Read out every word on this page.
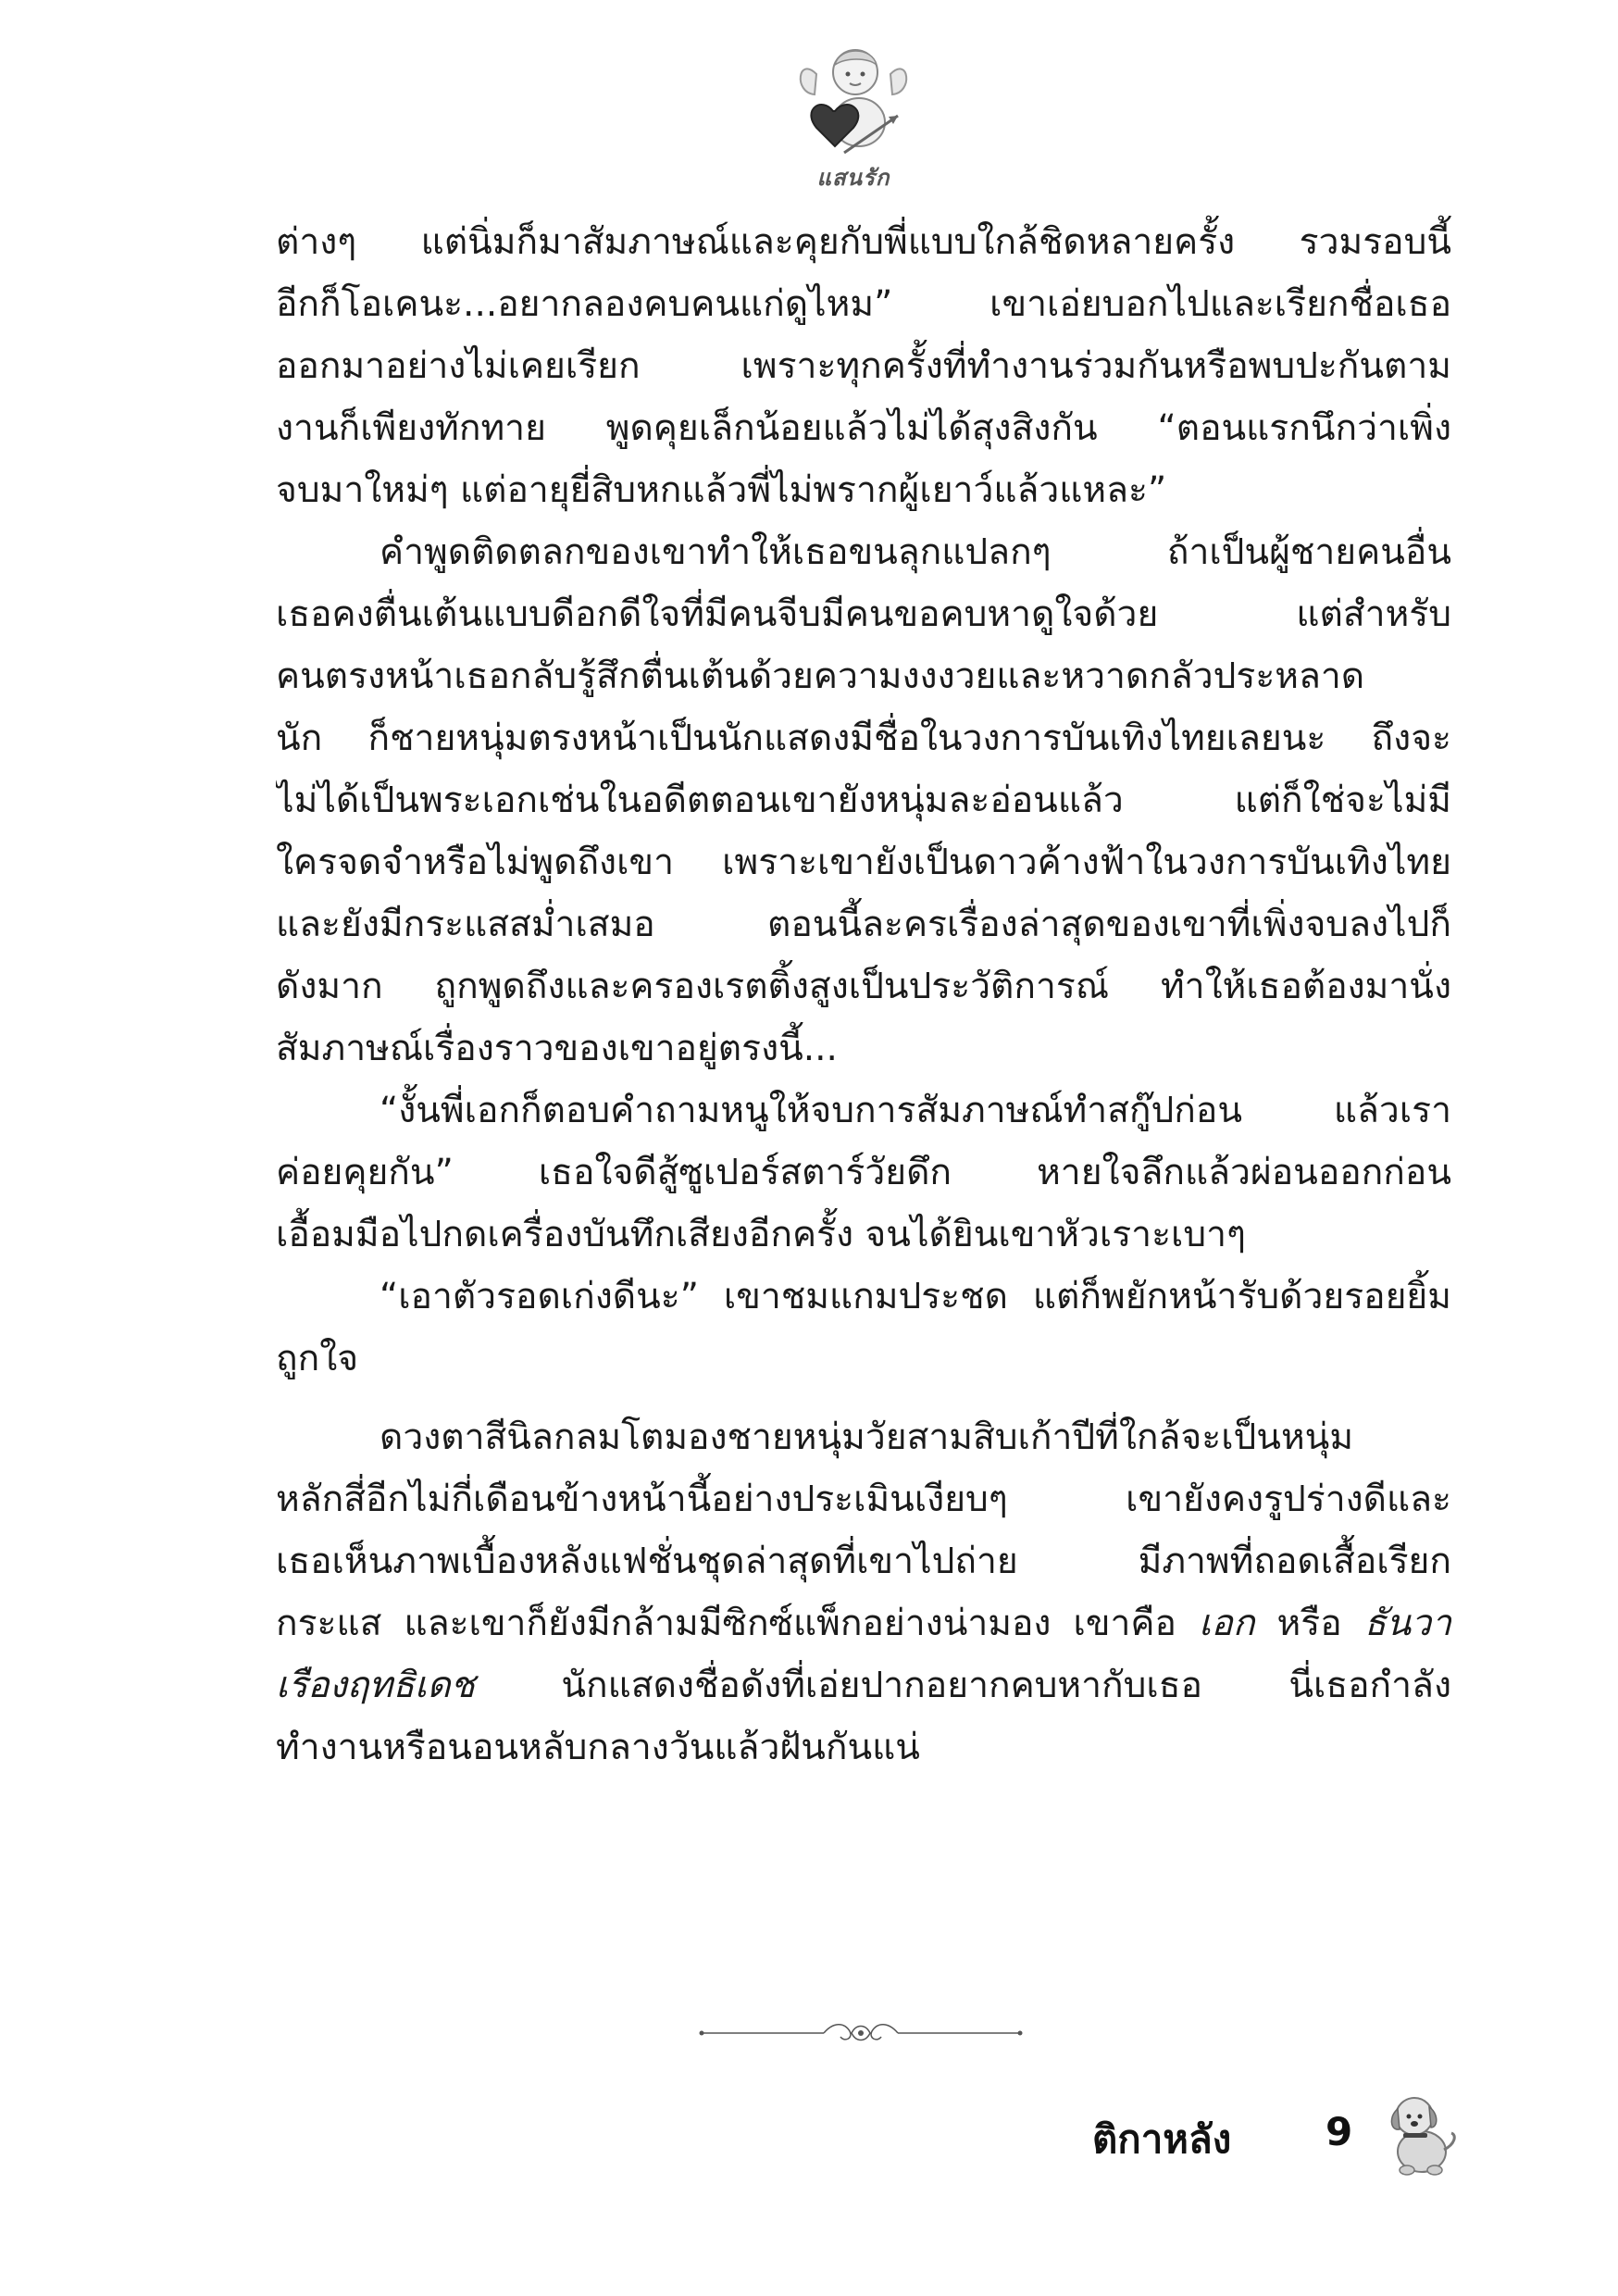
แสนรัก
ต่างๆ แต่นิ่มก็มาสัมภาษณ์และคุยกับพี่แบบใกล้ชิดหลายครั้ง รวมรอบนี้
อีกก็โอเคนะ...อยากลองคบคนแก่ดูไหม” เขาเอ่ยบอกไปและเรียกชื่อเธอ
ออกมาอย่างไม่เคยเรียก เพราะทุกครั้งที่ทำงานร่วมกันหรือพบปะกันตาม
งานก็เพียงทักทาย พูดคุยเล็กน้อยแล้วไม่ได้สุงสิงกัน “ตอนแรกนึกว่าเพิ่ง
จบมาใหม่ๆ แต่อายุยี่สิบหกแล้วพี่ไม่พรากผู้เยาว์แล้วแหละ”
คำพูดติดตลกของเขาทำให้เธอขนลุกแปลกๆ ถ้าเป็นผู้ชายคนอื่น
เธอคงตื่นเต้นแบบดีอกดีใจที่มีคนจีบมีคนขอคบหาดูใจด้วย แต่สำหรับ
คนตรงหน้าเธอกลับรู้สึกตื่นเต้นด้วยความงงงวยและหวาดกลัวประหลาด
นัก ก็ชายหนุ่มตรงหน้าเป็นนักแสดงมีชื่อในวงการบันเทิงไทยเลยนะ ถึงจะ
ไม่ได้เป็นพระเอกเช่นในอดีตตอนเขายังหนุ่มละอ่อนแล้ว แต่ก็ใช่จะไม่มี
ใครจดจำหรือไม่พูดถึงเขา เพราะเขายังเป็นดาวค้างฟ้าในวงการบันเทิงไทย
และยังมีกระแสสม่ำเสมอ ตอนนี้ละครเรื่องล่าสุดของเขาที่เพิ่งจบลงไปก็
ดังมาก ถูกพูดถึงและครองเรตติ้งสูงเป็นประวัติการณ์ ทำให้เธอต้องมานั่ง
สัมภาษณ์เรื่องราวของเขาอยู่ตรงนี้...
“งั้นพี่เอกก็ตอบคำถามหนูให้จบการสัมภาษณ์ทำสกู๊ปก่อน แล้วเรา
ค่อยคุยกัน” เธอใจดีสู้ซูเปอร์สตาร์วัยดึก หายใจลึกแล้วผ่อนออกก่อน
เอื้อมมือไปกดเครื่องบันทึกเสียงอีกครั้ง จนได้ยินเขาหัวเราะเบาๆ
“เอาตัวรอดเก่งดีนะ” เขาชมแกมประชด แต่ก็พยักหน้ารับด้วยรอยยิ้ม
ถูกใจ
ดวงตาสีนิลกลมโตมองชายหนุ่มวัยสามสิบเก้าปีที่ใกล้จะเป็นหนุ่ม
หลักสี่อีกไม่กี่เดือนข้างหน้านี้อย่างประเมินเงียบๆ เขายังคงรูปร่างดีและ
เธอเห็นภาพเบื้องหลังแฟชั่นชุดล่าสุดที่เขาไปถ่าย มีภาพที่ถอดเสื้อเรียก
กระแส และเขาก็ยังมีกล้ามมีซิกซ์แพ็กอย่างน่ามอง เขาคือ เอก หรือ ธันวา
เรืองฤทธิเดช นักแสดงชื่อดังที่เอ่ยปากอยากคบหากับเธอ นี่เธอกำลัง
ทำงานหรือนอนหลับกลางวันแล้วฝันกันแน่
ติกาหลัง 9
